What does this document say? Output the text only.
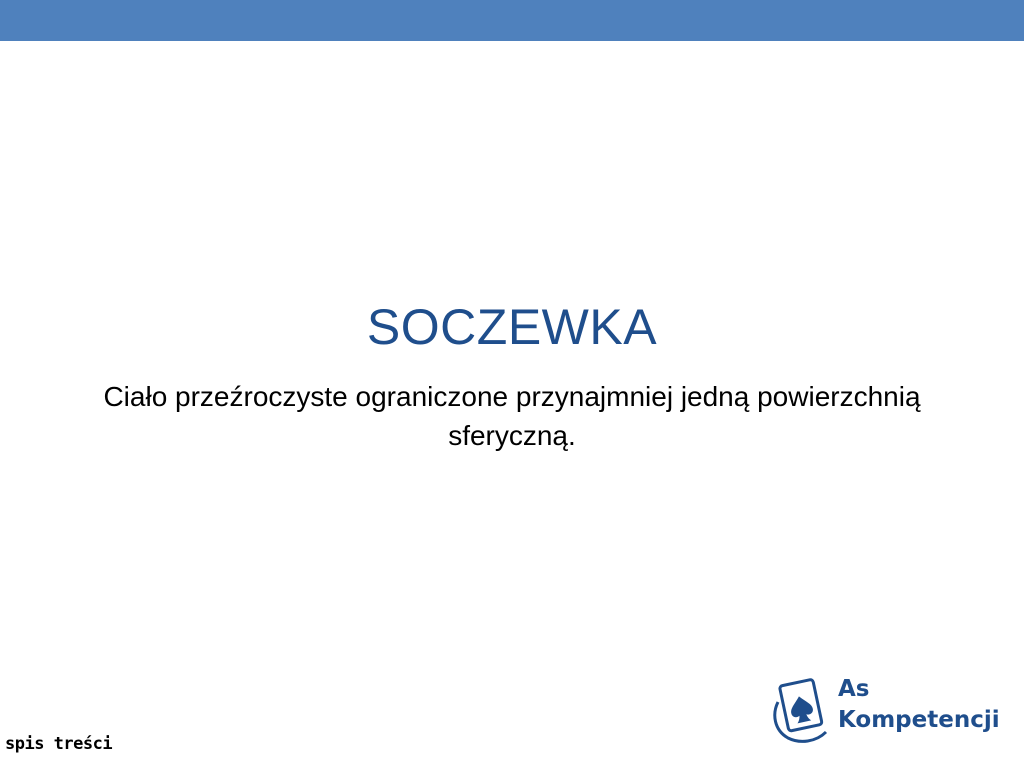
SOCZEWKA
Ciało przeźroczyste ograniczone przynajmniej jedną powierzchnią sferyczną.
spis treści
As
Kompetencji
